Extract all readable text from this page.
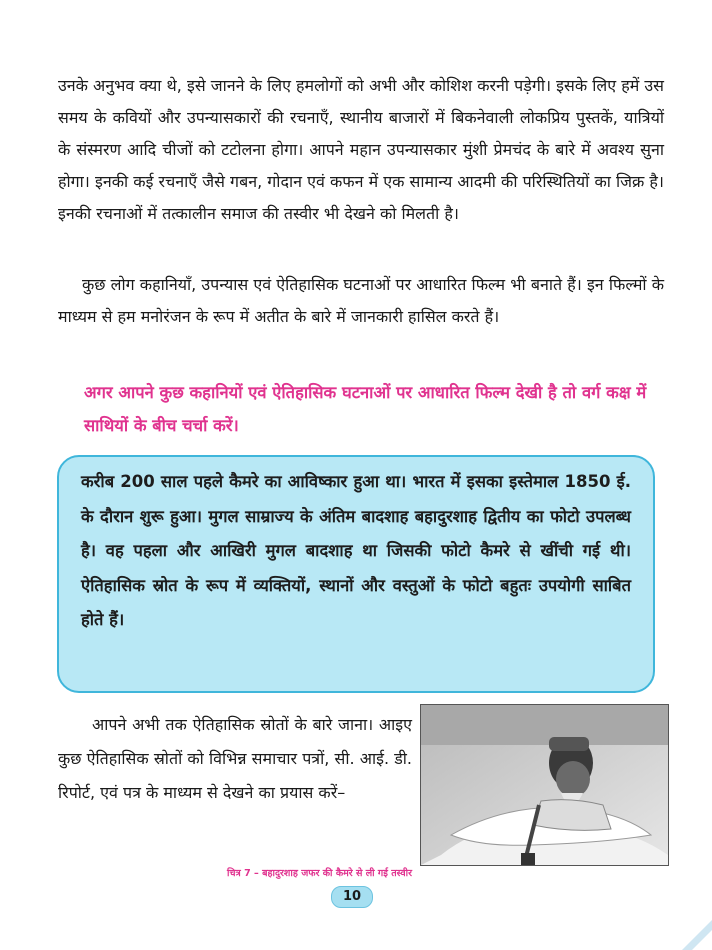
उनके अनुभव क्या थे, इसे जानने के लिए हमलोगों को अभी और कोशिश करनी पड़ेगी। इसके लिए हमें उस समय के कवियों और उपन्यासकारों की रचनाएँ, स्थानीय बाजारों में बिकनेवाली लोकप्रिय पुस्तकें, यात्रियों के संस्मरण आदि चीजों को टटोलना होगा। आपने महान उपन्यासकार मुंशी प्रेमचंद के बारे में अवश्य सुना होगा। इनकी कई रचनाएँ जैसे गबन, गोदान एवं कफन में एक सामान्य आदमी की परिस्थितियों का जिक्र है। इनकी रचनाओं में तत्कालीन समाज की तस्वीर भी देखने को मिलती है।

कुछ लोग कहानियाँ, उपन्यास एवं ऐतिहासिक घटनाओं पर आधारित फिल्म भी बनाते हैं। इन फिल्मों के माध्यम से हम मनोरंजन के रूप में अतीत के बारे में जानकारी हासिल करते हैं।

अगर आपने कुछ कहानियों एवं ऐतिहासिक घटनाओं पर आधारित फिल्म देखी है तो वर्ग कक्ष में साथियों के बीच चर्चा करें।

करीब 200 साल पहले कैमरे का आविष्कार हुआ था। भारत में इसका इस्तेमाल 1850 ई. के दौरान शुरू हुआ। मुगल साम्राज्य के अंतिम बादशाह बहादुरशाह द्वितीय का फोटो उपलब्ध है। वह पहला और आखिरी मुगल बादशाह था जिसकी फोटो कैमरे से खींची गई थी। ऐतिहासिक स्रोत के रूप में व्यक्तियों, स्थानों और वस्तुओं के फोटो बहुतः उपयोगी साबित होते हैं।

आपने अभी तक ऐतिहासिक स्रोतों के बारे जाना। आइए कुछ ऐतिहासिक स्रोतों को विभिन्न समाचार पत्रों, सी. आई. डी. रिपोर्ट, एवं पत्र के माध्यम से देखने का प्रयास करें–

चित्र 7 – बहादुरशाह जफर की कैमरे से ली गई तस्वीर
10
